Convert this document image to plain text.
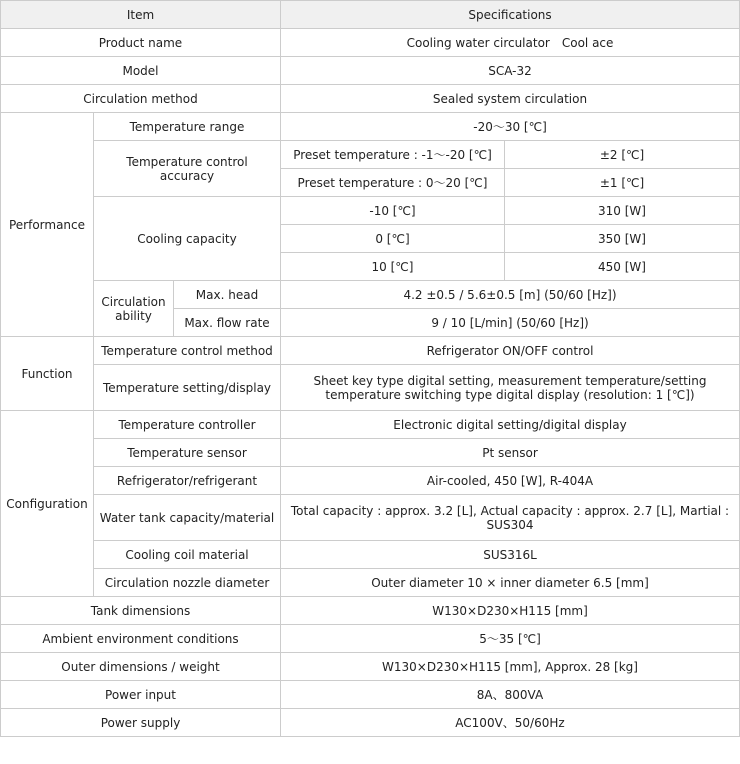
Item			Specifications	
Product name			Cooling water circulator　Cool ace	
Model			SCA-32	
Circulation method			Sealed system circulation	
Performance	Temperature range		-20～30 [℃]	
	Temperature control accuracy		Preset temperature : -1～-20 [℃]	±2 [℃]
			Preset temperature : 0～20 [℃]	±1 [℃]
	Cooling capacity		-10 [℃]	310 [W]
			0 [℃]	350 [W]
			10 [℃]	450 [W]
	Circulation ability	Max. head	4.2 ±0.5 / 5.6±0.5 [m] (50/60 [Hz])	
		Max. flow rate	9 / 10 [L/min] (50/60 [Hz])	
Function	Temperature control method		Refrigerator ON/OFF control	
	Temperature setting/display		Sheet key type digital setting, measurement temperature/setting temperature switching type digital display (resolution: 1 [℃])	
Configuration	Temperature controller		Electronic digital setting/digital display	
	Temperature sensor		Pt sensor	
	Refrigerator/refrigerant		Air-cooled, 450 [W], R-404A	
	Water tank capacity/material		Total capacity : approx. 3.2 [L], Actual capacity : approx. 2.7 [L], Martial : SUS304	
	Cooling coil material		SUS316L	
	Circulation nozzle diameter		Outer diameter 10 × inner diameter 6.5 [mm]	
Tank dimensions			W130×D230×H115 [mm]	
Ambient environment conditions			5～35 [℃]	
Outer dimensions / weight			W130×D230×H115 [mm], Approx. 28 [kg]	
Power input			8A、800VA	
Power supply			AC100V、50/60Hz	
